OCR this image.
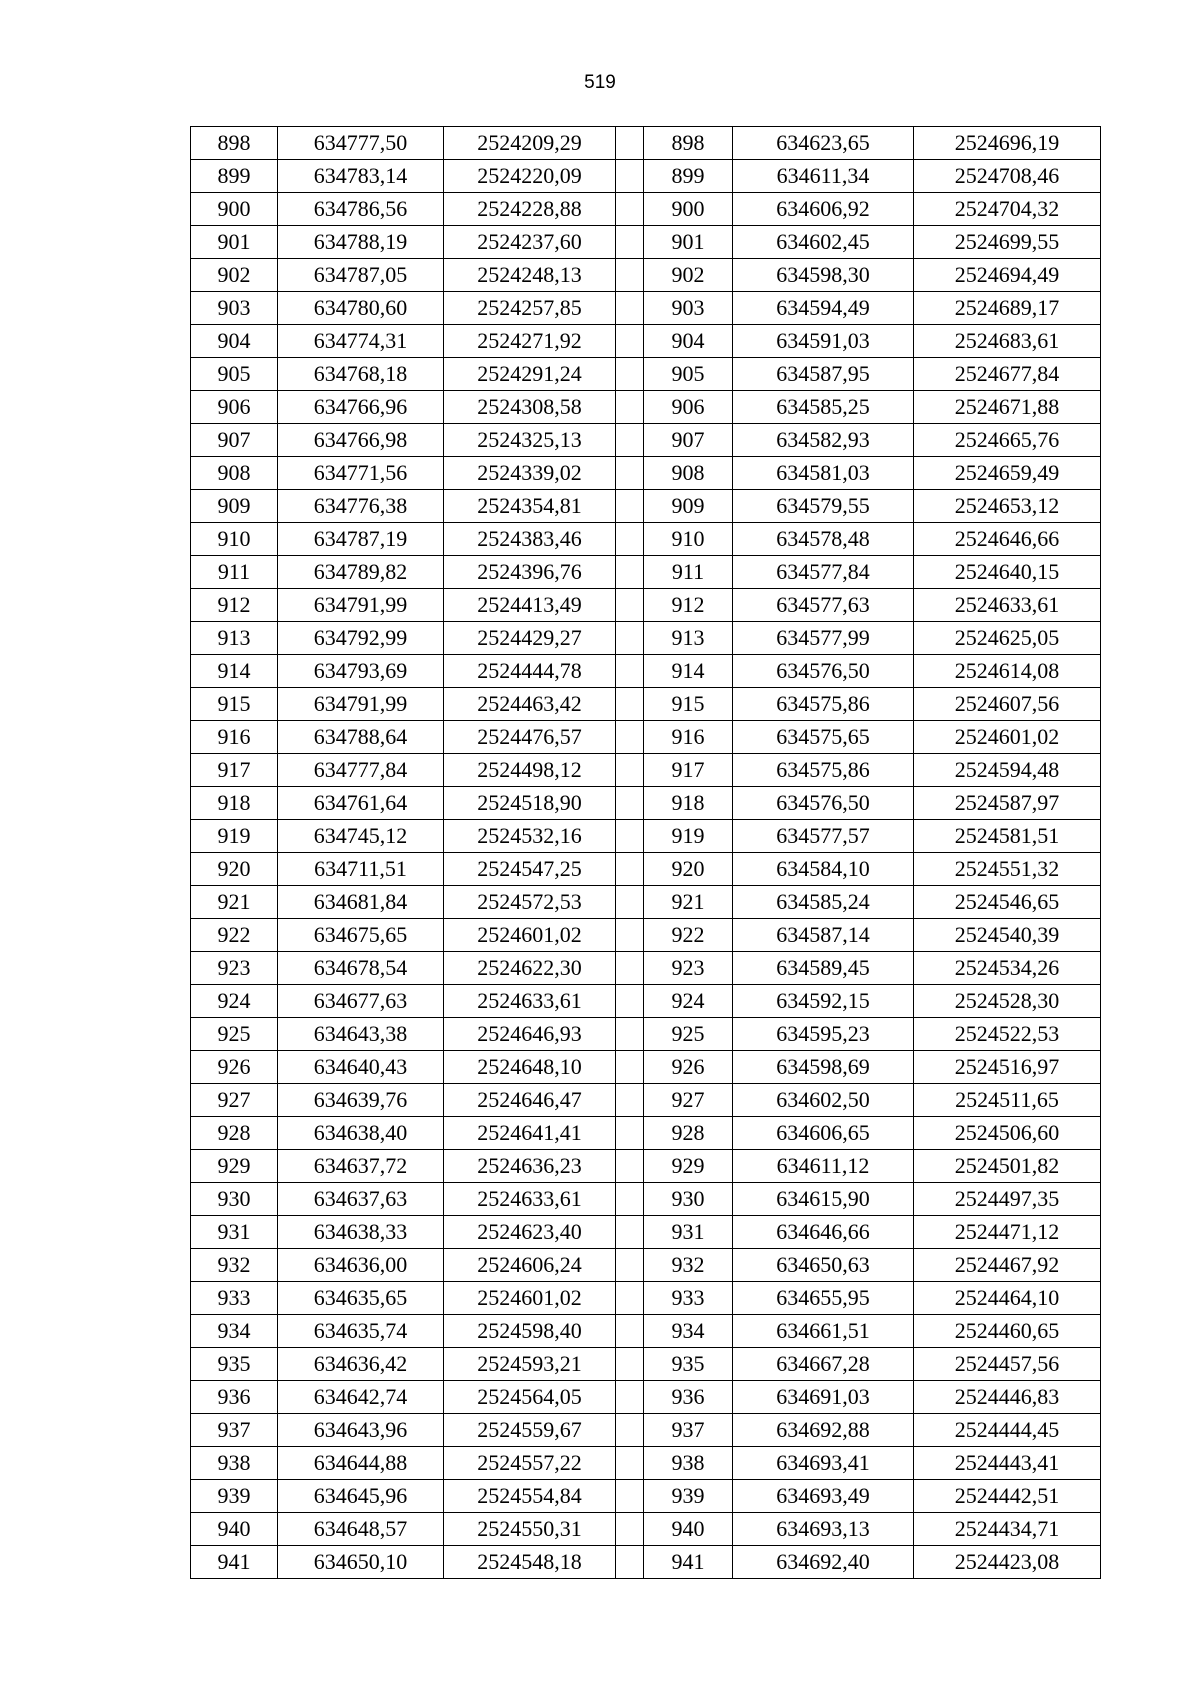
519
898	634777,50	2524209,29		898	634623,65	2524696,19
899	634783,14	2524220,09		899	634611,34	2524708,46
900	634786,56	2524228,88		900	634606,92	2524704,32
901	634788,19	2524237,60		901	634602,45	2524699,55
902	634787,05	2524248,13		902	634598,30	2524694,49
903	634780,60	2524257,85		903	634594,49	2524689,17
904	634774,31	2524271,92		904	634591,03	2524683,61
905	634768,18	2524291,24		905	634587,95	2524677,84
906	634766,96	2524308,58		906	634585,25	2524671,88
907	634766,98	2524325,13		907	634582,93	2524665,76
908	634771,56	2524339,02		908	634581,03	2524659,49
909	634776,38	2524354,81		909	634579,55	2524653,12
910	634787,19	2524383,46		910	634578,48	2524646,66
911	634789,82	2524396,76		911	634577,84	2524640,15
912	634791,99	2524413,49		912	634577,63	2524633,61
913	634792,99	2524429,27		913	634577,99	2524625,05
914	634793,69	2524444,78		914	634576,50	2524614,08
915	634791,99	2524463,42		915	634575,86	2524607,56
916	634788,64	2524476,57		916	634575,65	2524601,02
917	634777,84	2524498,12		917	634575,86	2524594,48
918	634761,64	2524518,90		918	634576,50	2524587,97
919	634745,12	2524532,16		919	634577,57	2524581,51
920	634711,51	2524547,25		920	634584,10	2524551,32
921	634681,84	2524572,53		921	634585,24	2524546,65
922	634675,65	2524601,02		922	634587,14	2524540,39
923	634678,54	2524622,30		923	634589,45	2524534,26
924	634677,63	2524633,61		924	634592,15	2524528,30
925	634643,38	2524646,93		925	634595,23	2524522,53
926	634640,43	2524648,10		926	634598,69	2524516,97
927	634639,76	2524646,47		927	634602,50	2524511,65
928	634638,40	2524641,41		928	634606,65	2524506,60
929	634637,72	2524636,23		929	634611,12	2524501,82
930	634637,63	2524633,61		930	634615,90	2524497,35
931	634638,33	2524623,40		931	634646,66	2524471,12
932	634636,00	2524606,24		932	634650,63	2524467,92
933	634635,65	2524601,02		933	634655,95	2524464,10
934	634635,74	2524598,40		934	634661,51	2524460,65
935	634636,42	2524593,21		935	634667,28	2524457,56
936	634642,74	2524564,05		936	634691,03	2524446,83
937	634643,96	2524559,67		937	634692,88	2524444,45
938	634644,88	2524557,22		938	634693,41	2524443,41
939	634645,96	2524554,84		939	634693,49	2524442,51
940	634648,57	2524550,31		940	634693,13	2524434,71
941	634650,10	2524548,18		941	634692,40	2524423,08
